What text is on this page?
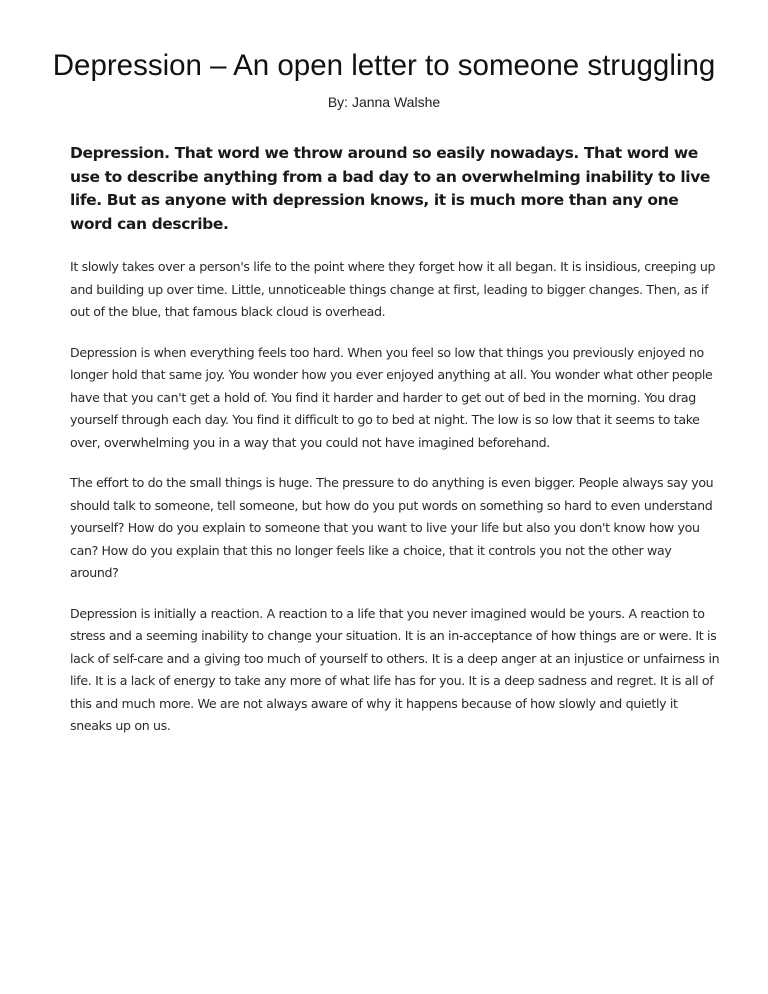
Depression – An open letter to someone struggling
By: Janna Walshe

Depression. That word we throw around so easily nowadays. That word we use to describe anything from a bad day to an overwhelming inability to live life. But as anyone with depression knows, it is much more than any one word can describe.

It slowly takes over a person's life to the point where they forget how it all began. It is insidious, creeping up and building up over time. Little, unnoticeable things change at first, leading to bigger changes. Then, as if out of the blue, that famous black cloud is overhead.

Depression is when everything feels too hard. When you feel so low that things you previously enjoyed no longer hold that same joy. You wonder how you ever enjoyed anything at all. You wonder what other people have that you can't get a hold of. You find it harder and harder to get out of bed in the morning. You drag yourself through each day. You find it difficult to go to bed at night. The low is so low that it seems to take over, overwhelming you in a way that you could not have imagined beforehand.

The effort to do the small things is huge. The pressure to do anything is even bigger. People always say you should talk to someone, tell someone, but how do you put words on something so hard to even understand yourself? How do you explain to someone that you want to live your life but also you don't know how you can? How do you explain that this no longer feels like a choice, that it controls you not the other way around?

Depression is initially a reaction. A reaction to a life that you never imagined would be yours. A reaction to stress and a seeming inability to change your situation. It is an in-acceptance of how things are or were. It is lack of self-care and a giving too much of yourself to others. It is a deep anger at an injustice or unfairness in life. It is a lack of energy to take any more of what life has for you. It is a deep sadness and regret. It is all of this and much more. We are not always aware of why it happens because of how slowly and quietly it sneaks up on us.
